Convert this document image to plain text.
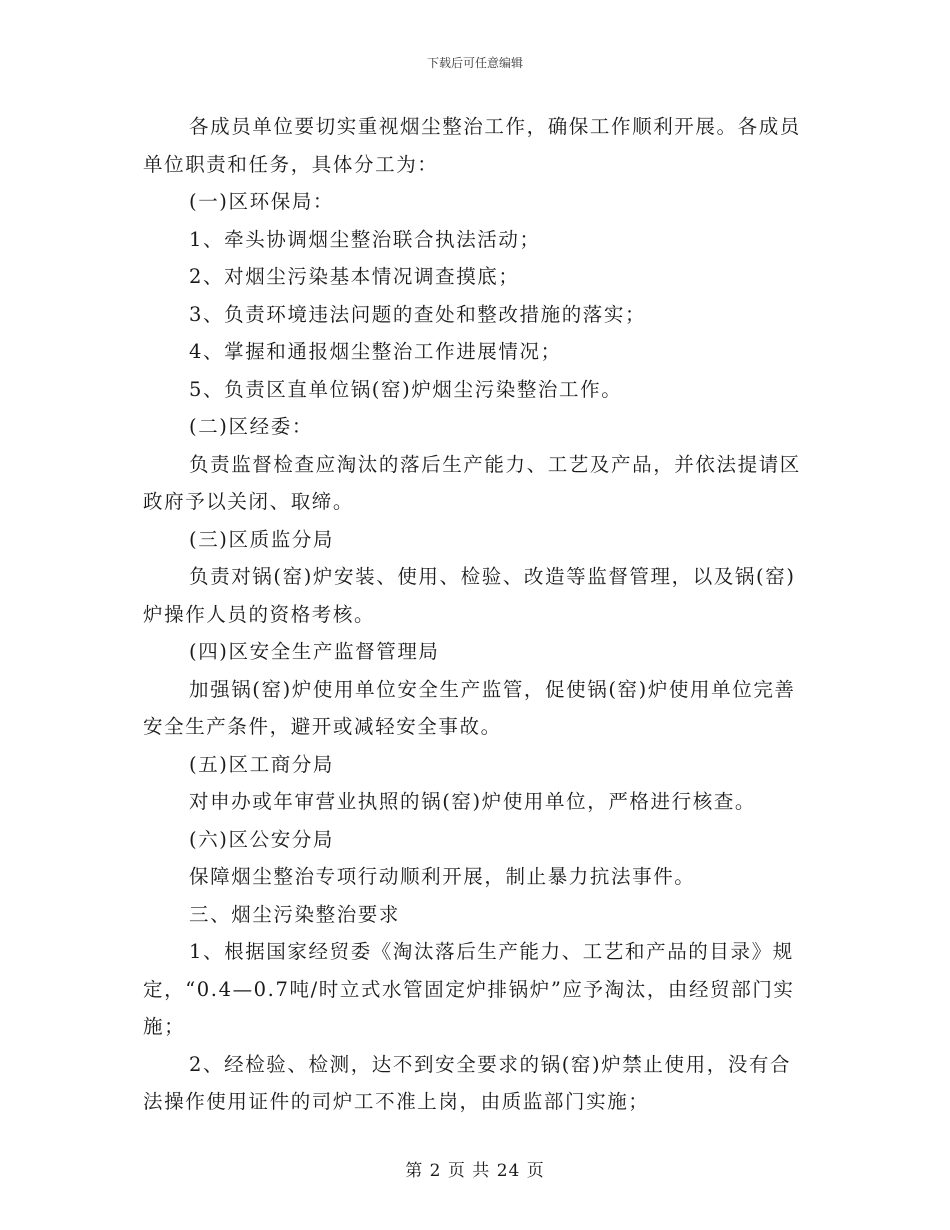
下载后可任意编辑

各成员单位要切实重视烟尘整治工作，确保工作顺利开展。各成员单位职责和任务，具体分工为：

(一)区环保局：

1、牵头协调烟尘整治联合执法活动；

2、对烟尘污染基本情况调查摸底；

3、负责环境违法问题的查处和整改措施的落实；

4、掌握和通报烟尘整治工作进展情况；

5、负责区直单位锅(窑)炉烟尘污染整治工作。

(二)区经委：

负责监督检查应淘汰的落后生产能力、工艺及产品，并依法提请区政府予以关闭、取缔。

(三)区质监分局

负责对锅(窑)炉安装、使用、检验、改造等监督管理，以及锅(窑)炉操作人员的资格考核。

(四)区安全生产监督管理局

加强锅(窑)炉使用单位安全生产监管，促使锅(窑)炉使用单位完善安全生产条件，避开或减轻安全事故。

(五)区工商分局

对申办或年审营业执照的锅(窑)炉使用单位，严格进行核查。

(六)区公安分局

保障烟尘整治专项行动顺利开展，制止暴力抗法事件。

三、烟尘污染整治要求

1、根据国家经贸委《淘汰落后生产能力、工艺和产品的目录》规定，“0.4—0.7吨/时立式水管固定炉排锅炉”应予淘汰，由经贸部门实施；

2、经检验、检测，达不到安全要求的锅(窑)炉禁止使用，没有合法操作使用证件的司炉工不准上岗，由质监部门实施；

第 2 页 共 24 页
